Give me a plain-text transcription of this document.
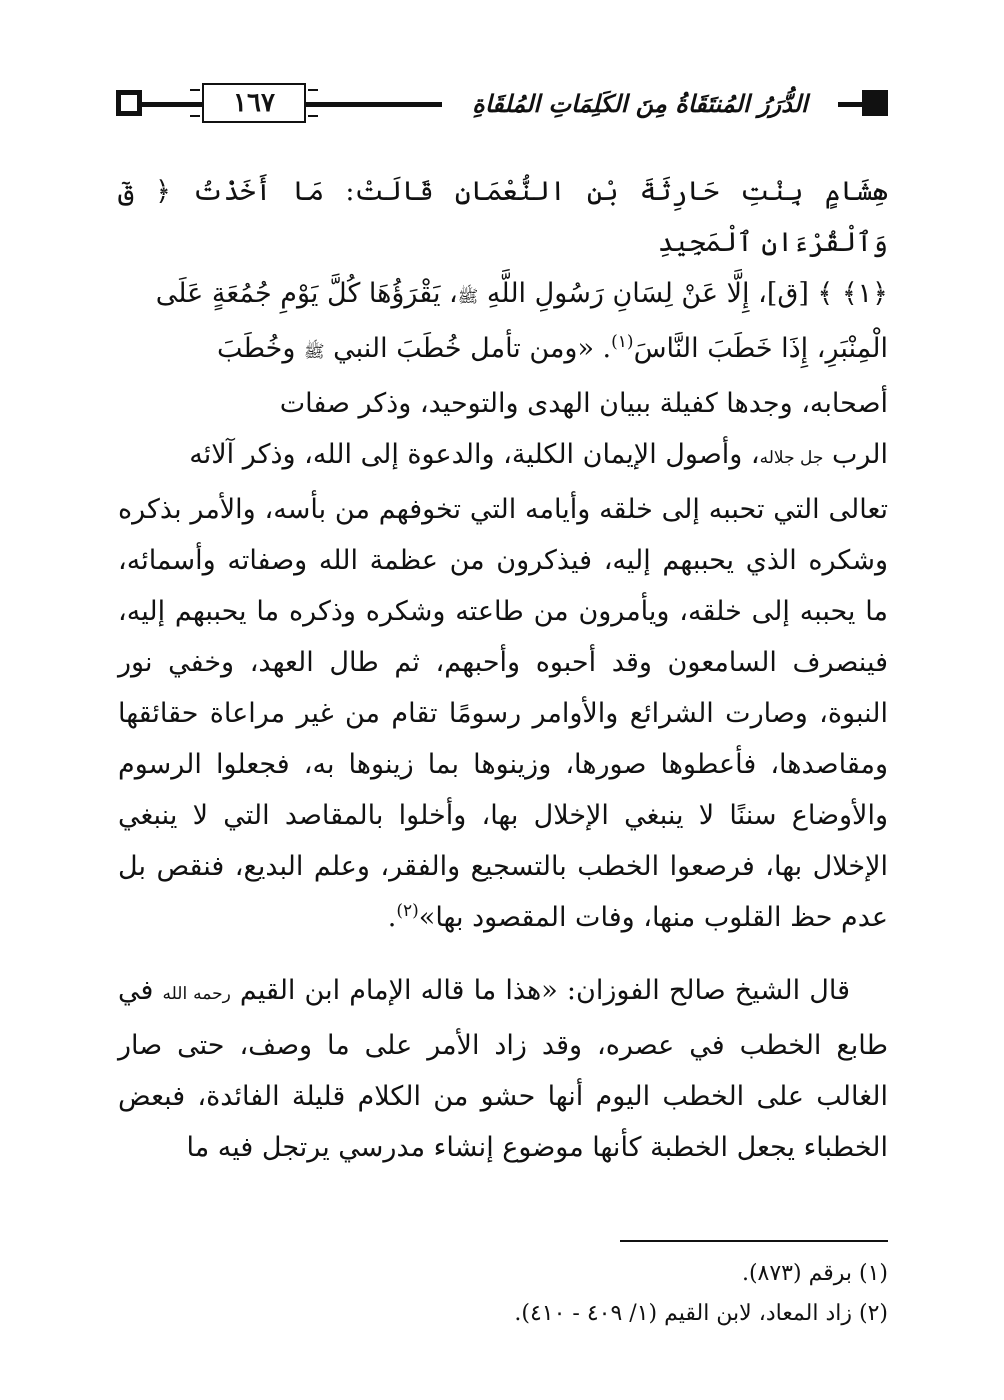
١٦٧	الدُّرَرُ المُنتَقَاةُ مِنَ الكَلِمَاتِ المُلقَاةِ

هِشَامٍ بِنْتِ حَارِثَةَ بْنِ النُّعْمَانِ قَالَتْ: مَا أَخَذْتُ ﴿ قٓ وَٱلْقُرْءَانِ ٱلْمَجِيدِ
﴿١﴾ ﴾ [ق]، إِلَّا عَنْ لِسَانِ رَسُولِ اللَّهِ ﷺ، يَقْرَؤُهَا كُلَّ يَوْمِ جُمُعَةٍ عَلَى
الْمِنْبَرِ، إِذَا خَطَبَ النَّاسَ$^{(١)}$. «ومن تأمل خُطَبَ النبي ﷺ وخُطَبَ
أصحابه، وجدها كفيلة ببيان الهدى والتوحيد، وذكر صفات
الرب جل جلاله، وأصول الإيمان الكلية، والدعوة إلى الله، وذكر آلائه
تعالى التي تحببه إلى خلقه وأيامه التي تخوفهم من بأسه، والأمر بذكره وشكره الذي يحببهم إليه، فيذكرون من عظمة الله وصفاته وأسمائه، ما يحببه إلى خلقه، ويأمرون من طاعته وشكره وذكره ما يحببهم إليه، فينصرف السامعون وقد أحبوه وأحبهم، ثم طال العهد، وخفي نور النبوة، وصارت الشرائع والأوامر رسومًا تقام من غير مراعاة حقائقها ومقاصدها، فأعطوها صورها، وزينوها بما زينوها به، فجعلوا الرسوم والأوضاع سننًا لا ينبغي الإخلال بها، وأخلوا بالمقاصد التي لا ينبغي الإخلال بها، فرصعوا الخطب بالتسجيع والفقر، وعلم البديع، فنقص بل عدم حظ القلوب منها، وفات المقصود بها»$^{(٢)}$.

قال الشيخ صالح الفوزان: «هذا ما قاله الإمام ابن القيم رحمه الله في طابع الخطب في عصره، وقد زاد الأمر على ما وصف، حتى صار الغالب على الخطب اليوم أنها حشو من الكلام قليلة الفائدة، فبعض الخطباء يجعل الخطبة كأنها موضوع إنشاء مدرسي يرتجل فيه ما

(١) برقم (٨٧٣).
(٢) زاد المعاد، لابن القيم (١/ ٤٠٩ - ٤١٠).
